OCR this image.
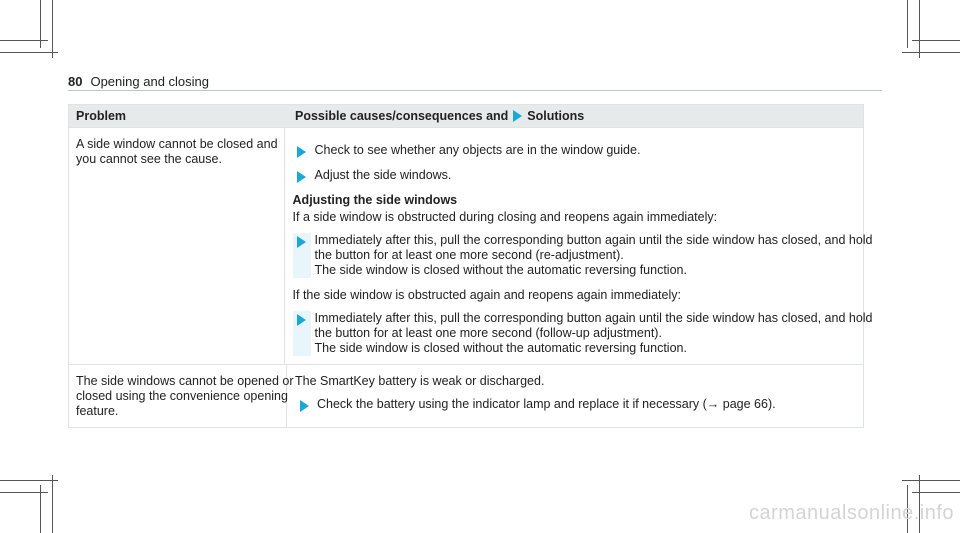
80 Opening and closing
Problem	Possible causes/consequences and Solutions
A side window cannot be closed and
you cannot see the cause.
Check to see whether any objects are in the window guide.
Adjust the side windows.
Adjusting the side windows
If a side window is obstructed during closing and reopens again immediately:
Immediately after this, pull the corresponding button again until the side window has closed, and hold
the button for at least one more second (re-adjustment).
The side window is closed without the automatic reversing function.
If the side window is obstructed again and reopens again immediately:
Immediately after this, pull the corresponding button again until the side window has closed, and hold
the button for at least one more second (follow-up adjustment).
The side window is closed without the automatic reversing function.
The side windows cannot be opened or
closed using the convenience opening
feature.
The SmartKey battery is weak or discharged.
Check the battery using the indicator lamp and replace it if necessary (→ page 66).
carmanualsonline.info
